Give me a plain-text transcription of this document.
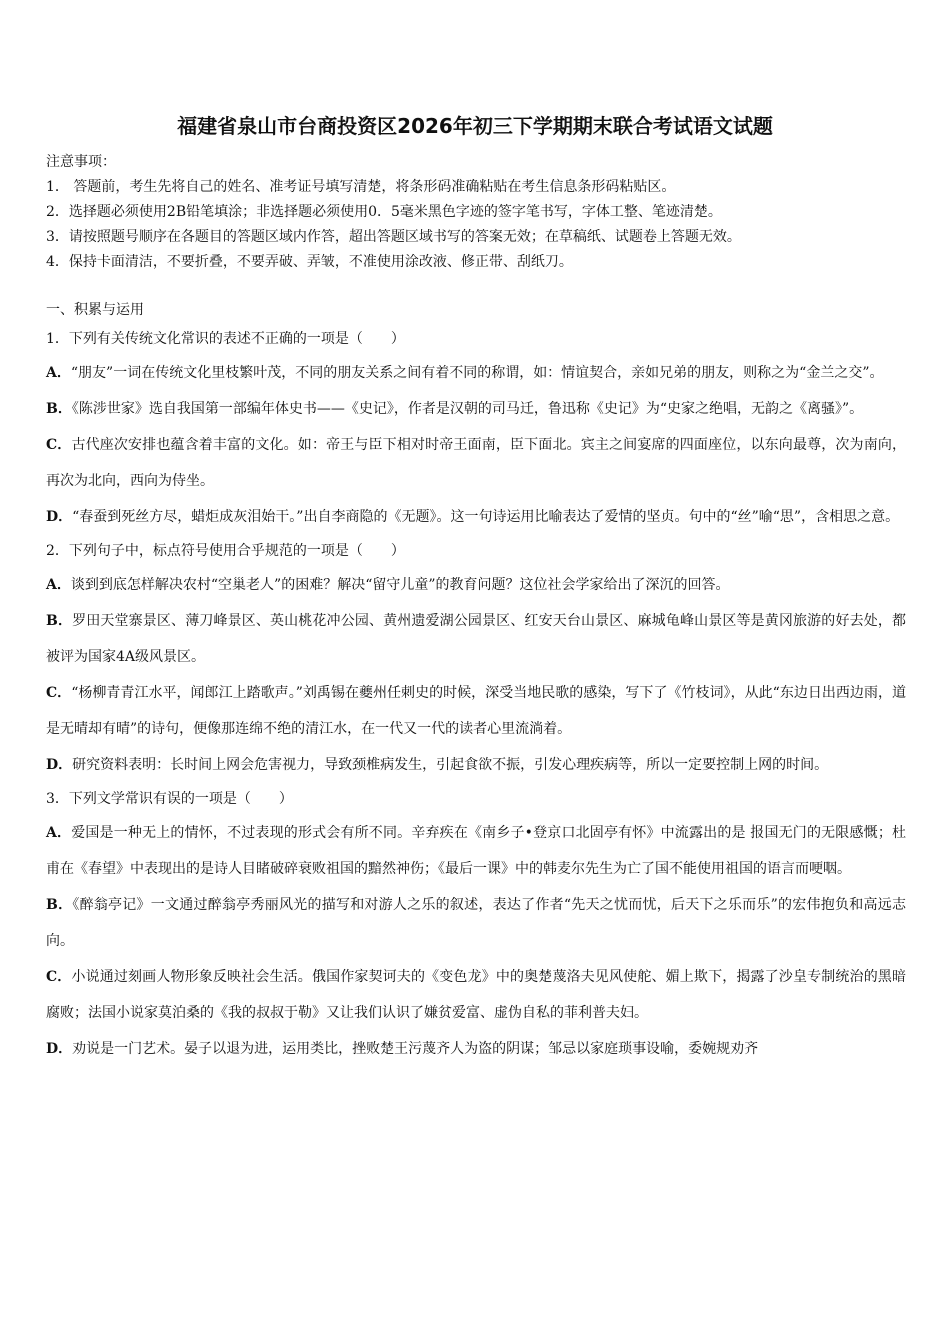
福建省泉山市台商投资区2026年初三下学期期末联合考试语文试题
注意事项：
1． 答题前，考生先将自己的姓名、准考证号填写清楚，将条形码准确粘贴在考生信息条形码粘贴区。
2．选择题必须使用2B铅笔填涂；非选择题必须使用0．5毫米黑色字迹的签字笔书写，字体工整、笔迹清楚。
3．请按照题号顺序在各题目的答题区域内作答，超出答题区域书写的答案无效；在草稿纸、试题卷上答题无效。
4．保持卡面清洁，不要折叠，不要弄破、弄皱，不准使用涂改液、修正带、刮纸刀。
一、积累与运用
1．下列有关传统文化常识的表述不正确的一项是（　　）
A．“朋友”一词在传统文化里枝繁叶茂，不同的朋友关系之间有着不同的称谓，如：情谊契合，亲如兄弟的朋友，则称之为“金兰之交”。
B．《陈涉世家》选自我国第一部编年体史书——《史记》，作者是汉朝的司马迁，鲁迅称《史记》为“史家之绝唱，无韵之《离骚》”。
C．古代座次安排也蕴含着丰富的文化。如：帝王与臣下相对时帝王面南，臣下面北。宾主之间宴席的四面座位，以东向最尊，次为南向，再次为北向，西向为侍坐。
D．“春蚕到死丝方尽，蜡炬成灰泪始干。”出自李商隐的《无题》。这一句诗运用比喻表达了爱情的坚贞。句中的“丝”喻“思”，含相思之意。
2．下列句子中，标点符号使用合乎规范的一项是（　　）
A．谈到到底怎样解决农村“空巢老人”的困难？解决“留守儿童”的教育问题？这位社会学家给出了深沉的回答。
B．罗田天堂寨景区、薄刀峰景区、英山桃花冲公园、黄州遗爱湖公园景区、红安天台山景区、麻城龟峰山景区等是黄冈旅游的好去处，都被评为国家4A级风景区。
C．“杨柳青青江水平，闻郎江上踏歌声。”刘禹锡在夔州任刺史的时候，深受当地民歌的感染，写下了《竹枝词》，从此“东边日出西边雨，道是无晴却有晴”的诗句，便像那连绵不绝的清江水，在一代又一代的读者心里流淌着。
D．研究资料表明：长时间上网会危害视力，导致颈椎病发生，引起食欲不振，引发心理疾病等，所以一定要控制上网的时间。
3．下列文学常识有误的一项是（　　）
A．爱国是一种无上的情怀，不过表现的形式会有所不同。辛弃疾在《南乡子•登京口北固亭有怀》中流露出的是 报国无门的无限感慨；杜甫在《春望》中表现出的是诗人目睹破碎衰败祖国的黯然神伤；《最后一课》中的韩麦尔先生为亡了国不能使用祖国的语言而哽咽。
B．《醉翁亭记》一文通过醉翁亭秀丽风光的描写和对游人之乐的叙述，表达了作者“先天之忧而忧，后天下之乐而乐”的宏伟抱负和高远志向。
C．小说通过刻画人物形象反映社会生活。俄国作家契诃夫的《变色龙》中的奥楚蔑洛夫见风使舵、媚上欺下，揭露了沙皇专制统治的黑暗腐败；法国小说家莫泊桑的《我的叔叔于勒》又让我们认识了嫌贫爱富、虚伪自私的菲利普夫妇。
D．劝说是一门艺术。晏子以退为进，运用类比，挫败楚王污蔑齐人为盗的阴谋；邹忌以家庭琐事设喻，委婉规劝齐
